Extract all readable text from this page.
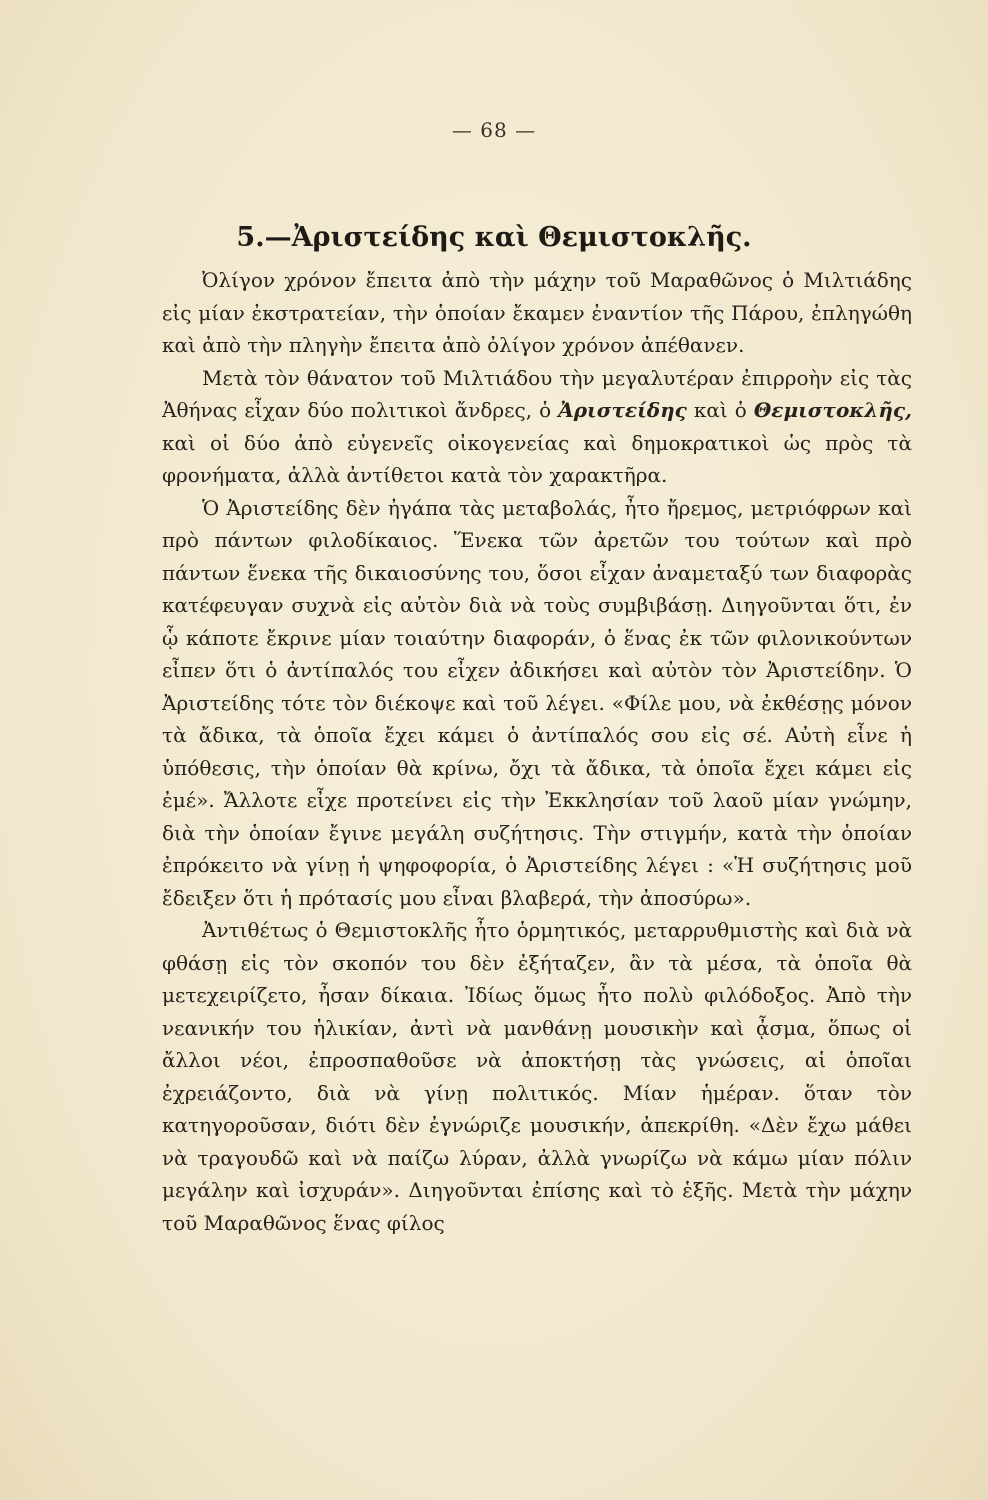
— 68 —
5.—Ἀριστείδης καὶ Θεμιστοκλῆς.

Ὀλίγον χρόνον ἔπειτα ἀπὸ τὴν μάχην τοῦ Μαραθῶνος ὁ Μιλτιάδης εἰς μίαν ἐκστρατείαν, τὴν ὁποίαν ἔκαμεν ἐναντίον τῆς Πάρου, ἐπληγώθη καὶ ἀπὸ τὴν πληγὴν ἔπειτα ἀπὸ ὀλίγον χρόνον ἀπέθανεν.

Μετὰ τὸν θάνατον τοῦ Μιλτιάδου τὴν μεγαλυτέραν ἐπιρροὴν εἰς τὰς Ἀθήνας εἶχαν δύο πολιτικοὶ ἄνδρες, ὁ Ἀριστείδης καὶ ὁ Θεμιστοκλῆς, καὶ οἱ δύο ἀπὸ εὐγενεῖς οἰκογενείας καὶ δημοκρατικοὶ ὡς πρὸς τὰ φρονήματα, ἀλλὰ ἀντίθετοι κατὰ τὸν χαρακτῆρα.

Ὁ Ἀριστείδης δὲν ἠγάπα τὰς μεταβολάς, ἦτο ἤρεμος, μετριόφρων καὶ πρὸ πάντων φιλοδίκαιος. Ἕνεκα τῶν ἀρετῶν του τούτων καὶ πρὸ πάντων ἕνεκα τῆς δικαιοσύνης του, ὅσοι εἶχαν ἀναμεταξύ των διαφορὰς κατέφευγαν συχνὰ εἰς αὐτὸν διὰ νὰ τοὺς συμβιβάσῃ. Διηγοῦνται ὅτι, ἐν ᾧ κάποτε ἔκρινε μίαν τοιαύτην διαφοράν, ὁ ἕνας ἐκ τῶν φιλονικούντων εἶπεν ὅτι ὁ ἀντίπαλός του εἶχεν ἀδικήσει καὶ αὐτὸν τὸν Ἀριστείδην. Ὁ Ἀριστείδης τότε τὸν διέκοψε καὶ τοῦ λέγει. «Φίλε μου, νὰ ἐκθέσῃς μόνον τὰ ἄδικα, τὰ ὁποῖα ἔχει κάμει ὁ ἀντίπαλός σου εἰς σέ. Αὐτὴ εἶνε ἡ ὑπόθεσις, τὴν ὁποίαν θὰ κρίνω, ὄχι τὰ ἄδικα, τὰ ὁποῖα ἔχει κάμει εἰς ἐμέ». Ἄλλοτε εἶχε προτείνει εἰς τὴν Ἐκκλησίαν τοῦ λαοῦ μίαν γνώμην, διὰ τὴν ὁποίαν ἔγινε μεγάλη συζήτησις. Τὴν στιγμήν, κατὰ τὴν ὁποίαν ἐπρόκειτο νὰ γίνῃ ἡ ψηφοφορία, ὁ Ἀριστείδης λέγει : «Ἡ συζήτησις μοῦ ἔδειξεν ὅτι ἡ πρότασίς μου εἶναι βλαβερά, τὴν ἀποσύρω».

Ἀντιθέτως ὁ Θεμιστοκλῆς ἦτο ὁρμητικός, μεταρρυθμιστὴς καὶ διὰ νὰ φθάσῃ εἰς τὸν σκοπόν του δὲν ἐξήταζεν, ἂν τὰ μέσα, τὰ ὁποῖα θὰ μετεχειρίζετο, ἦσαν δίκαια. Ἰδίως ὅμως ἦτο πολὺ φιλόδοξος. Ἀπὸ τὴν νεανικήν του ἡλικίαν, ἀντὶ νὰ μανθάνῃ μουσικὴν καὶ ᾆσμα, ὅπως οἱ ἄλλοι νέοι, ἐπροσπαθοῦσε νὰ ἀποκτήσῃ τὰς γνώσεις, αἱ ὁποῖαι ἐχρειάζοντο, διὰ νὰ γίνῃ πολιτικός. Μίαν ἡμέραν. ὅταν τὸν κατηγοροῦσαν, διότι δὲν ἐγνώριζε μουσικήν, ἀπεκρίθη. «Δὲν ἔχω μάθει νὰ τραγουδῶ καὶ νὰ παίζω λύραν, ἀλλὰ γνωρίζω νὰ κάμω μίαν πόλιν μεγάλην καὶ ἰσχυράν». Διηγοῦνται ἐπίσης καὶ τὸ ἑξῆς. Μετὰ τὴν μάχην τοῦ Μαραθῶνος ἕνας φίλος
